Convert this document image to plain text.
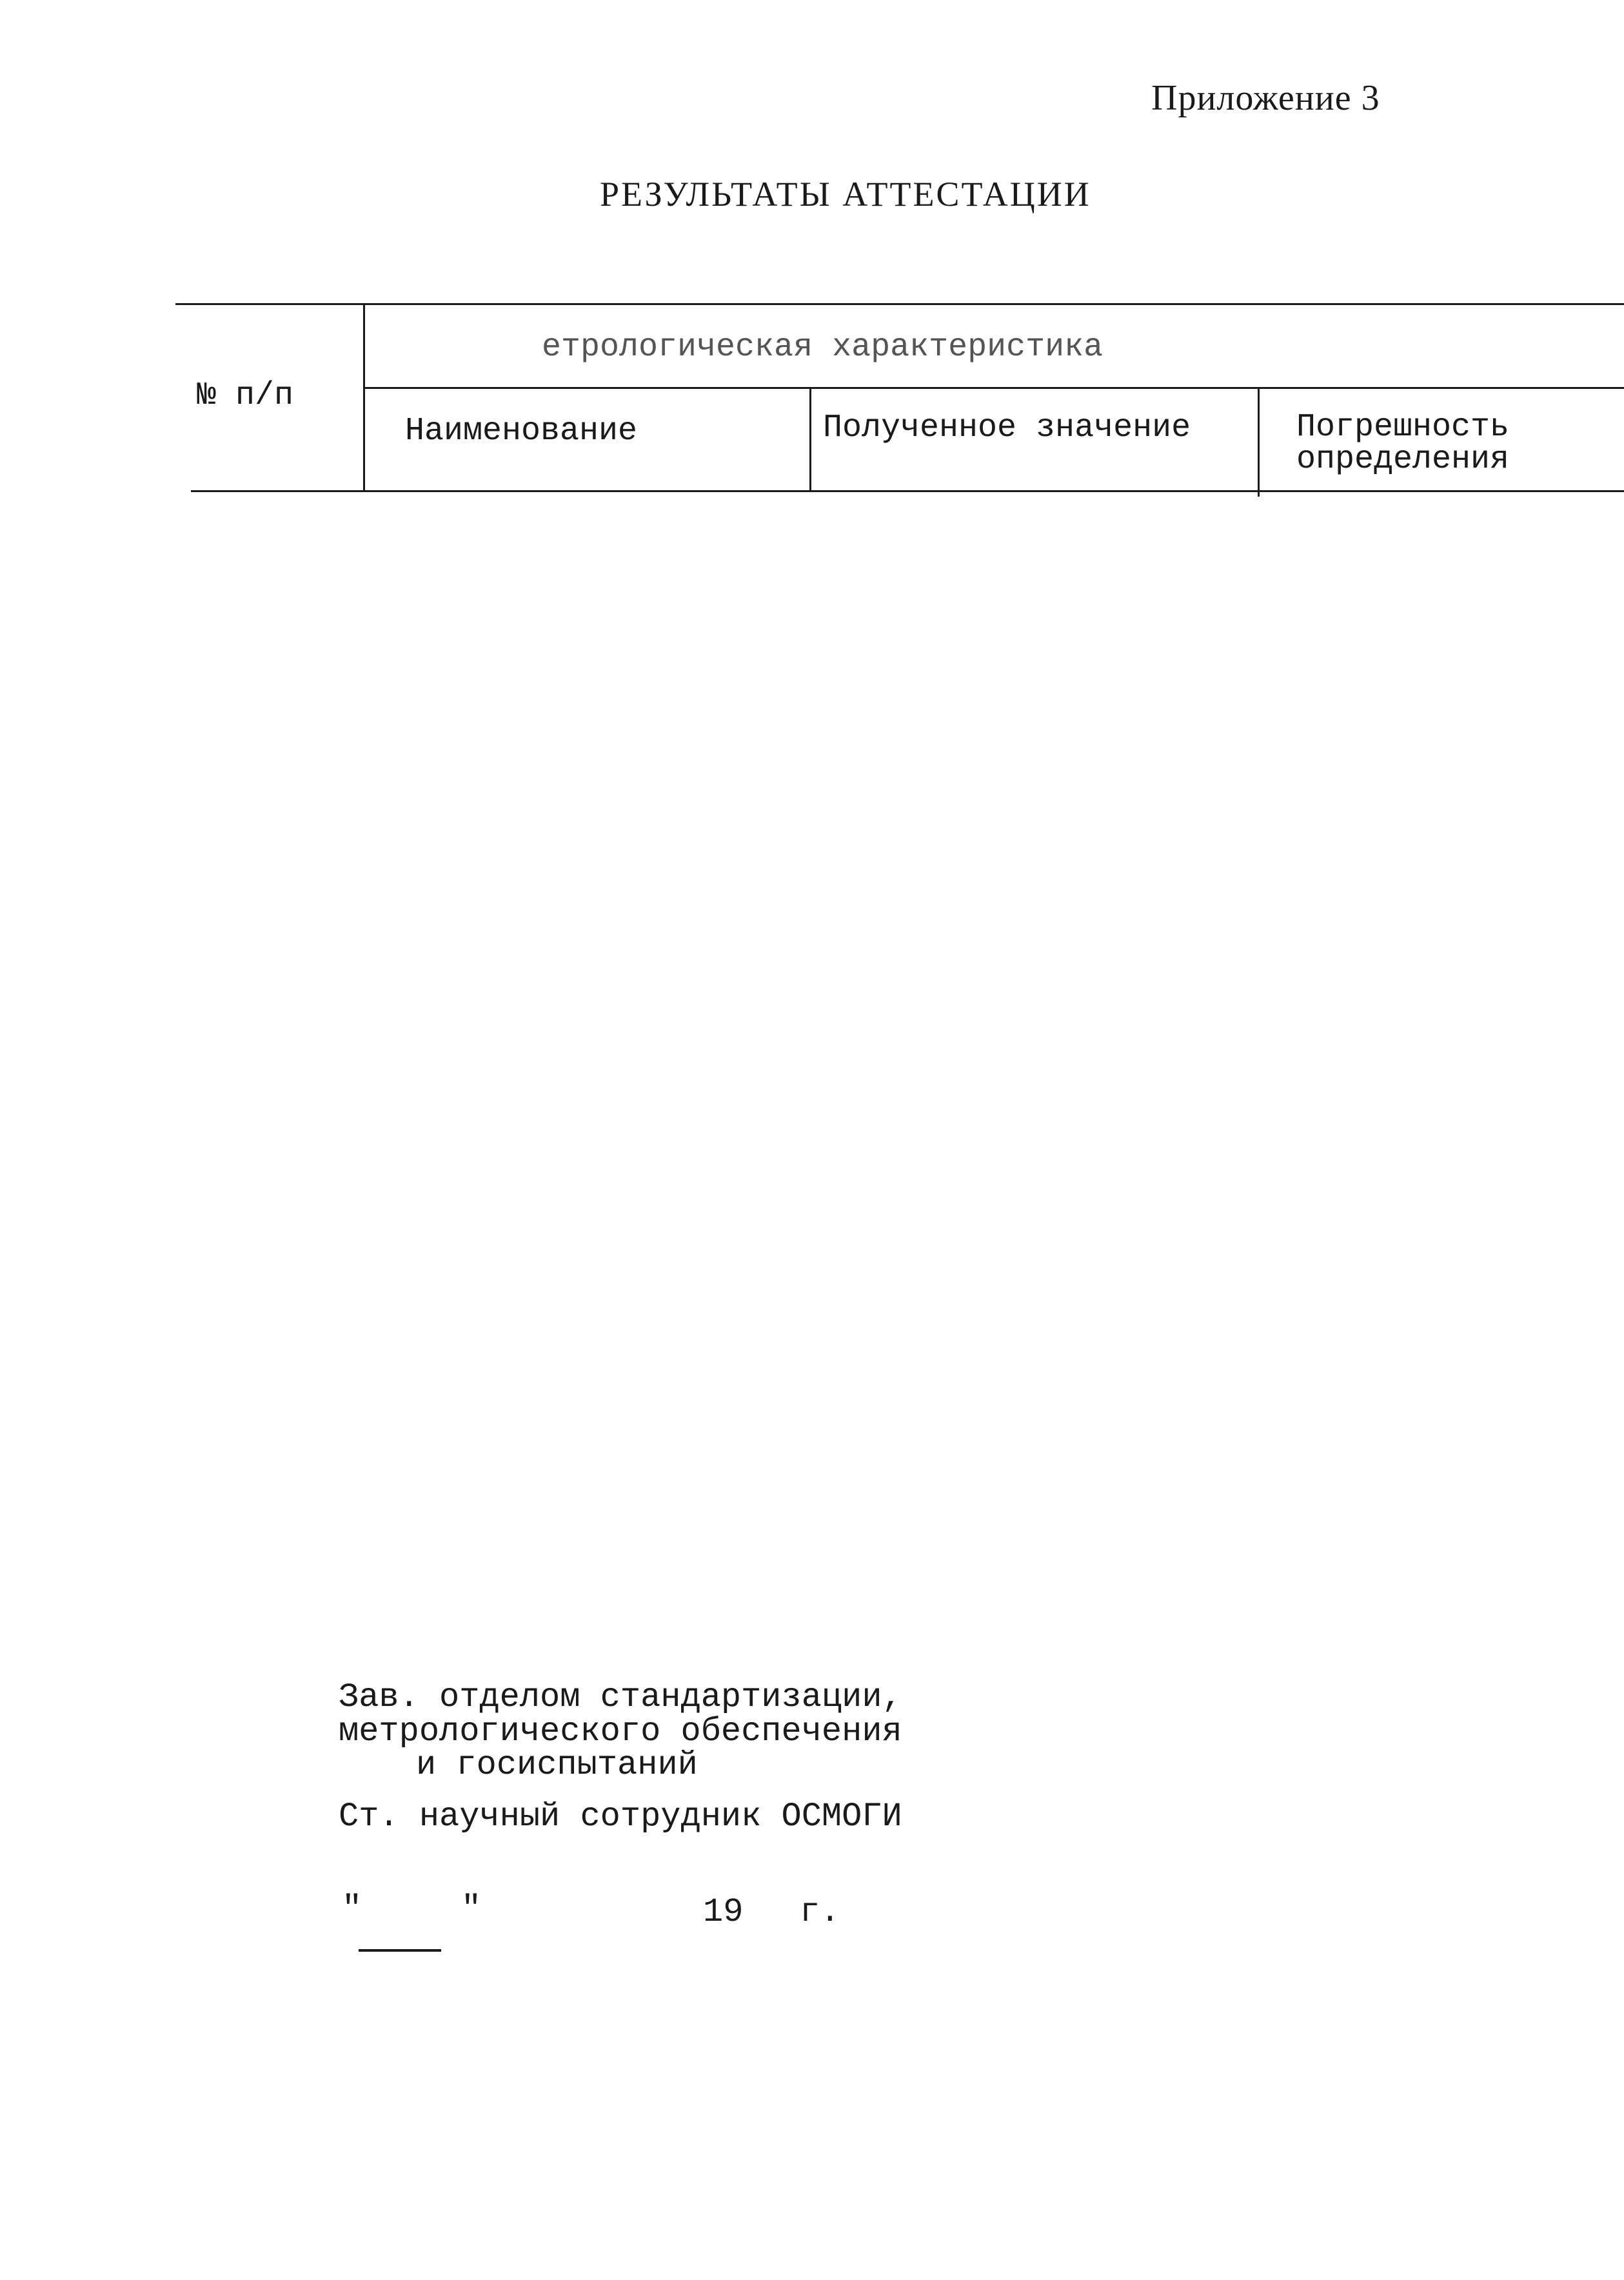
Приложение 3
РЕЗУЛЬТАТЫ АТТЕСТАЦИИ
№ п/п
етрологическая характеристика
Наименование	Полученное значение	Погрешность
определения
Зав. отделом стандартизации,
метрологического обеспечения
и госиспытаний
Ст. научный сотрудник ОСМОГИ
"	"	19 г.
